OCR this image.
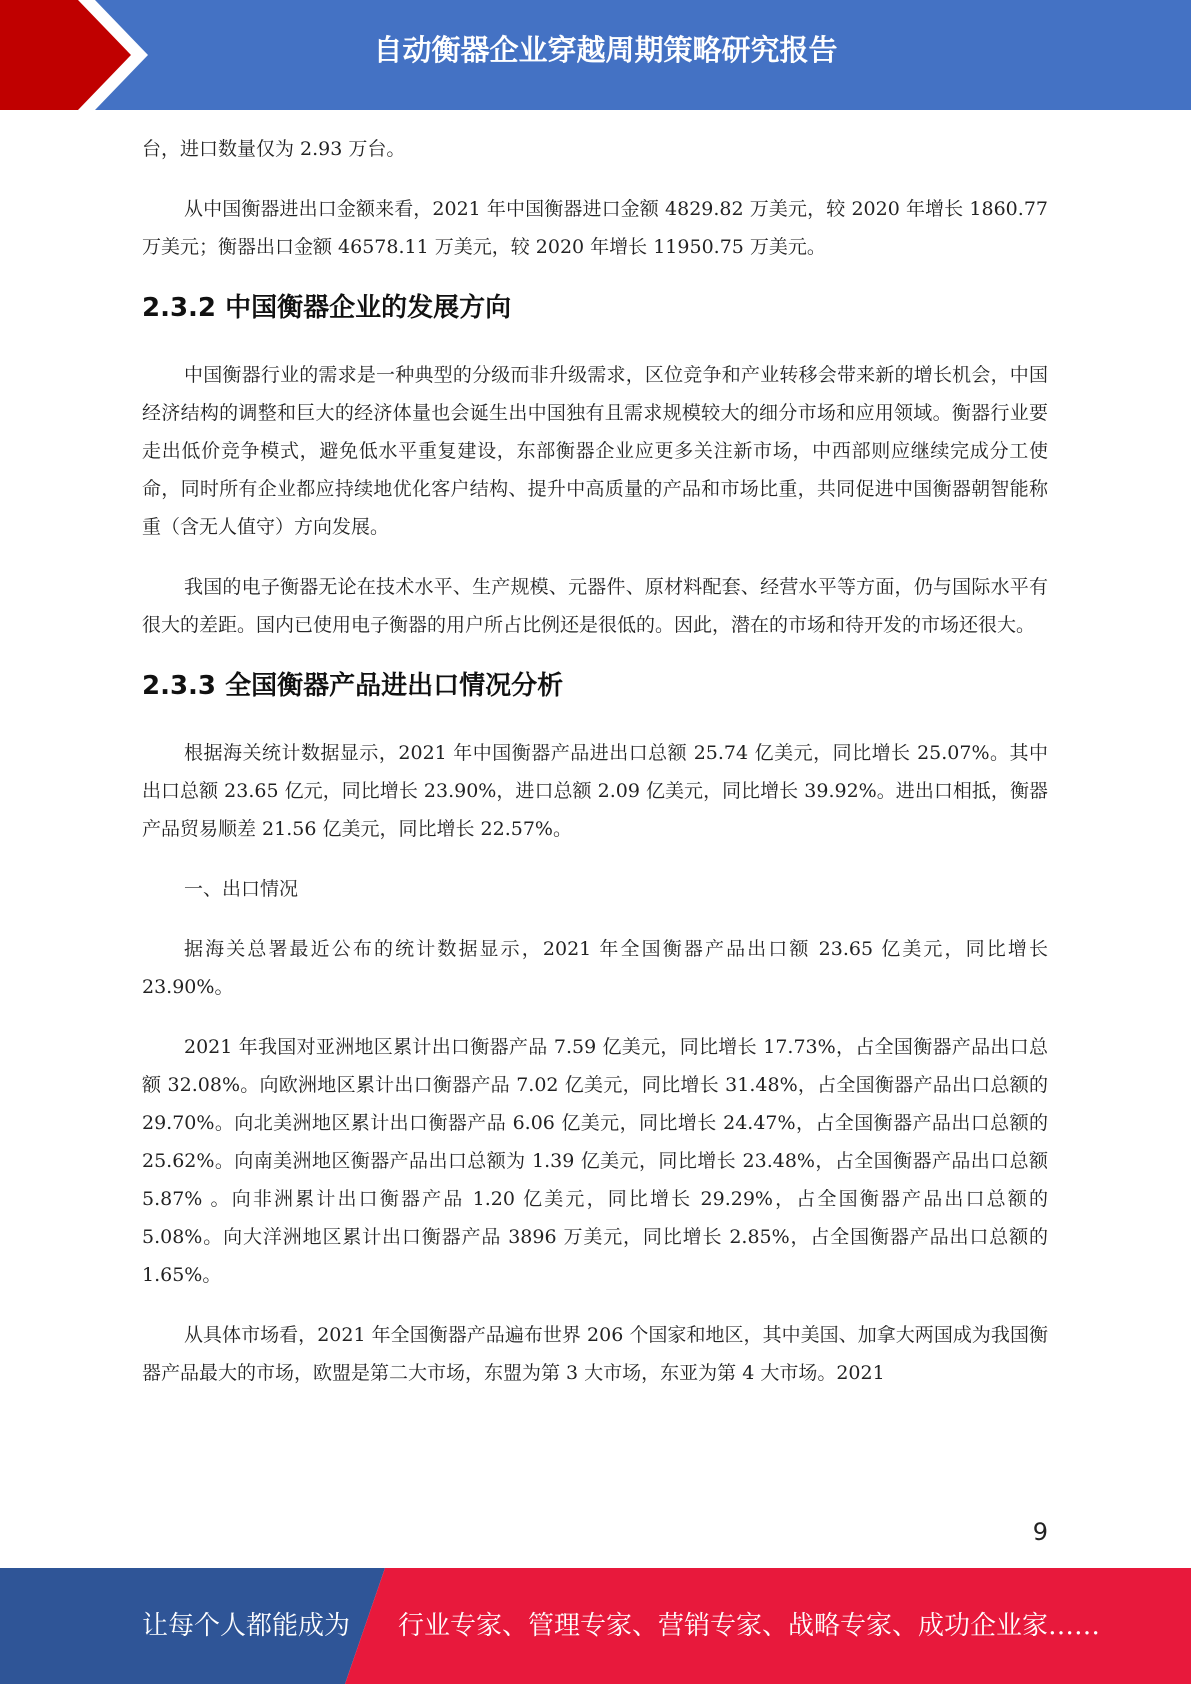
自动衡器企业穿越周期策略研究报告

台，进口数量仅为 2.93 万台。

从中国衡器进出口金额来看，2021 年中国衡器进口金额 4829.82 万美元，较 2020 年增长 1860.77 万美元；衡器出口金额 46578.11 万美元，较 2020 年增长 11950.75 万美元。

2.3.2 中国衡器企业的发展方向

中国衡器行业的需求是一种典型的分级而非升级需求，区位竞争和产业转移会带来新的增长机会，中国经济结构的调整和巨大的经济体量也会诞生出中国独有且需求规模较大的细分市场和应用领域。衡器行业要走出低价竞争模式，避免低水平重复建设，东部衡器企业应更多关注新市场，中西部则应继续完成分工使命，同时所有企业都应持续地优化客户结构、提升中高质量的产品和市场比重，共同促进中国衡器朝智能称重（含无人值守）方向发展。

我国的电子衡器无论在技术水平、生产规模、元器件、原材料配套、经营水平等方面，仍与国际水平有很大的差距。国内已使用电子衡器的用户所占比例还是很低的。因此，潜在的市场和待开发的市场还很大。

2.3.3 全国衡器产品进出口情况分析

根据海关统计数据显示，2021 年中国衡器产品进出口总额 25.74 亿美元，同比增长 25.07%。其中出口总额 23.65 亿元，同比增长 23.90%，进口总额 2.09 亿美元，同比增长 39.92%。进出口相抵，衡器产品贸易顺差 21.56 亿美元，同比增长 22.57%。

一、出口情况

据海关总署最近公布的统计数据显示，2021 年全国衡器产品出口额 23.65 亿美元，同比增长 23.90%。

2021 年我国对亚洲地区累计出口衡器产品 7.59 亿美元，同比增长 17.73%，占全国衡器产品出口总额 32.08%。向欧洲地区累计出口衡器产品 7.02 亿美元，同比增长 31.48%，占全国衡器产品出口总额的 29.70%。向北美洲地区累计出口衡器产品 6.06 亿美元，同比增长 24.47%，占全国衡器产品出口总额的 25.62%。向南美洲地区衡器产品出口总额为 1.39 亿美元，同比增长 23.48%，占全国衡器产品出口总额 5.87% 。向非洲累计出口衡器产品 1.20 亿美元，同比增长 29.29%，占全国衡器产品出口总额的 5.08%。向大洋洲地区累计出口衡器产品 3896 万美元，同比增长 2.85%，占全国衡器产品出口总额的 1.65%。

从具体市场看，2021 年全国衡器产品遍布世界 206 个国家和地区，其中美国、加拿大两国成为我国衡器产品最大的市场，欧盟是第二大市场，东盟为第 3 大市场，东亚为第 4 大市场。2021

9
让每个人都能成为 行业专家、管理专家、营销专家、战略专家、成功企业家……
